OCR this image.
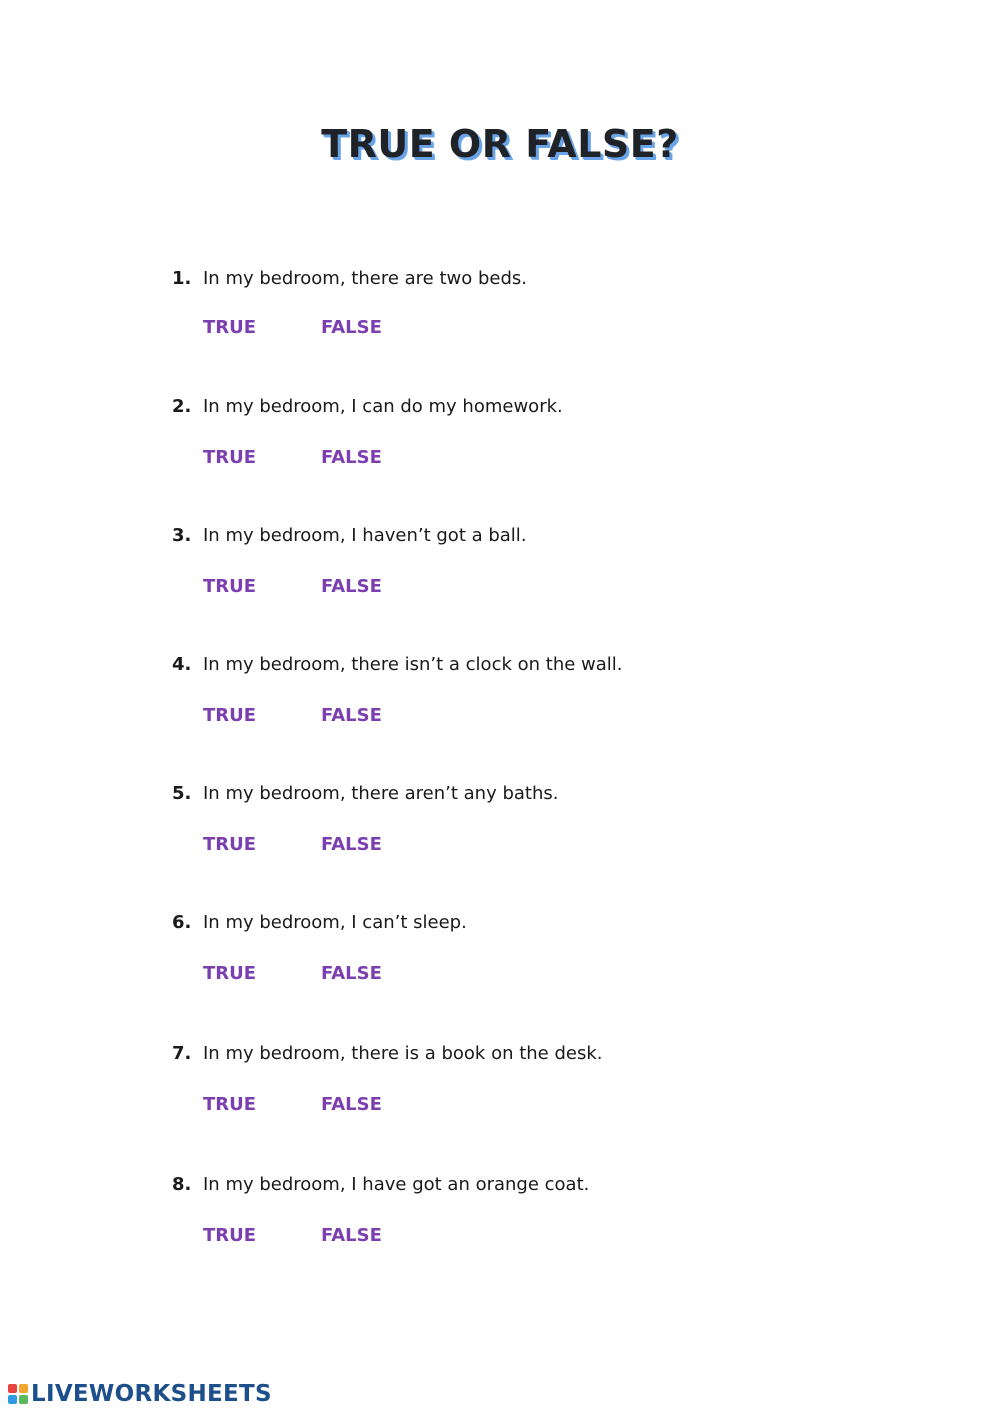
TRUE OR FALSE?
1. In my bedroom, there are two beds.
TRUE	FALSE
2. In my bedroom, I can do my homework.
TRUE	FALSE
3. In my bedroom, I haven’t got a ball.
TRUE	FALSE
4. In my bedroom, there isn’t a clock on the wall.
TRUE	FALSE
5. In my bedroom, there aren’t any baths.
TRUE	FALSE
6. In my bedroom, I can’t sleep.
TRUE	FALSE
7. In my bedroom, there is a book on the desk.
TRUE	FALSE
8. In my bedroom, I have got an orange coat.
TRUE	FALSE
LIVEWORKSHEETS
